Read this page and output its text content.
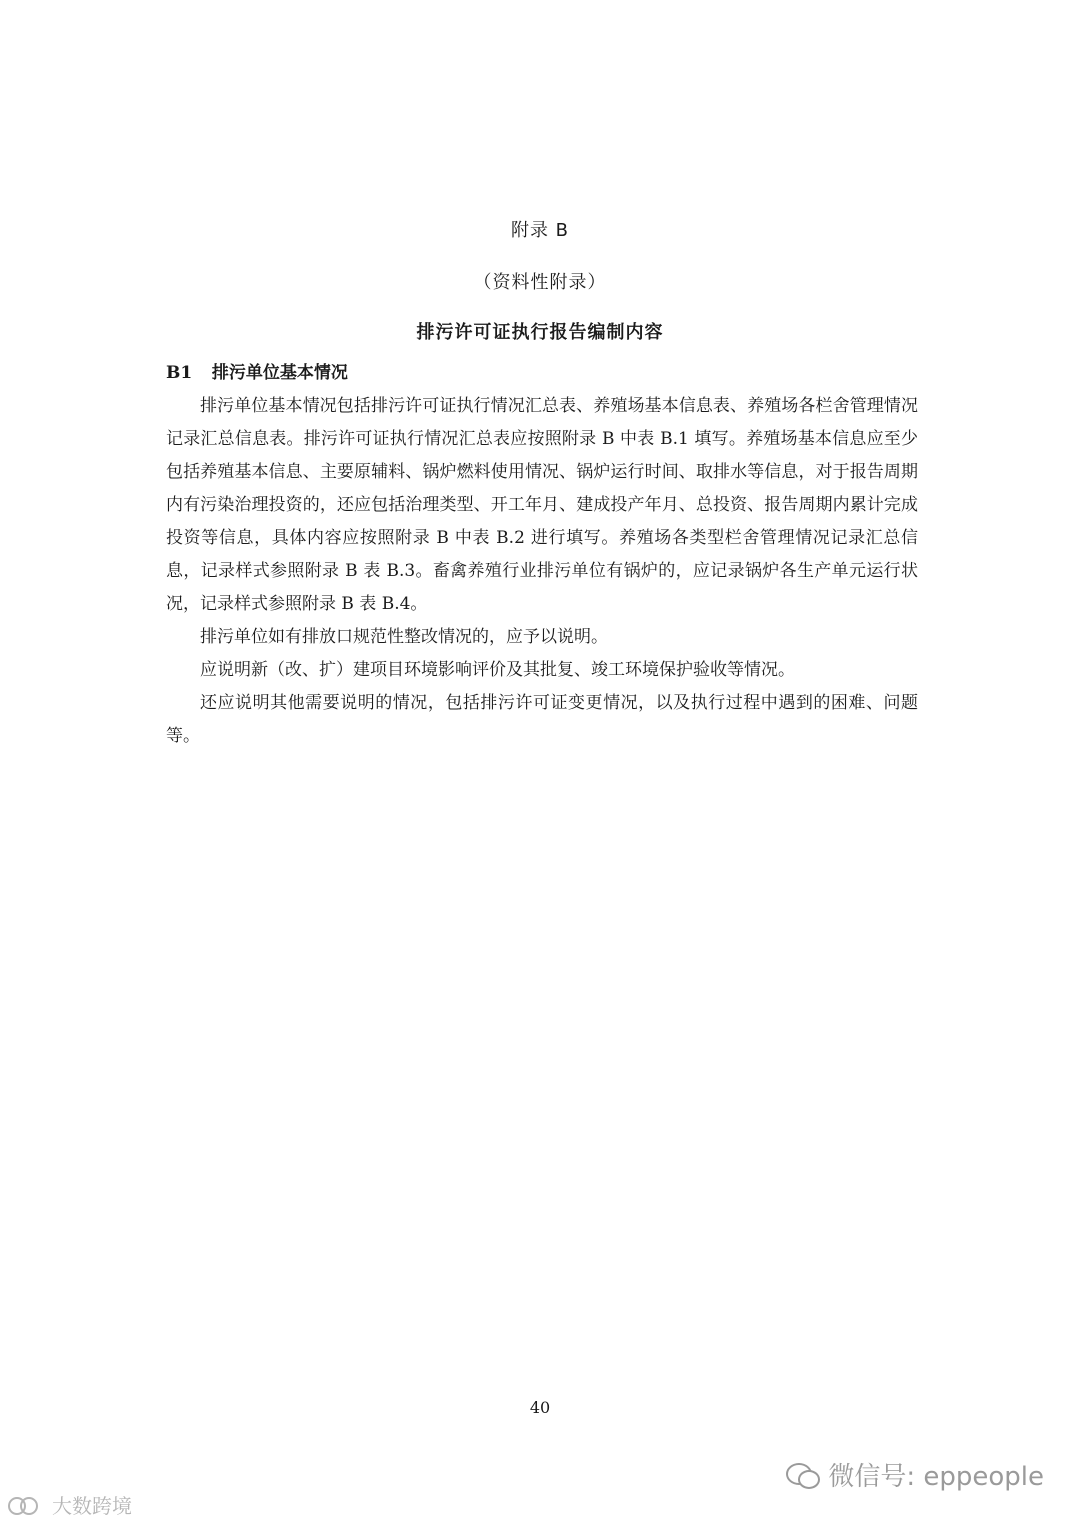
附录 B
（资料性附录）
排污许可证执行报告编制内容
B1 排污单位基本情况

排污单位基本情况包括排污许可证执行情况汇总表、养殖场基本信息表、养殖场各栏舍管理情况记录汇总信息表。排污许可证执行情况汇总表应按照附录 B 中表 B.1 填写。养殖场基本信息应至少包括养殖基本信息、主要原辅料、锅炉燃料使用情况、锅炉运行时间、取排水等信息，对于报告周期内有污染治理投资的，还应包括治理类型、开工年月、建成投产年月、总投资、报告周期内累计完成投资等信息，具体内容应按照附录 B 中表 B.2 进行填写。养殖场各类型栏舍管理情况记录汇总信息，记录样式参照附录 B 表 B.3。畜禽养殖行业排污单位有锅炉的，应记录锅炉各生产单元运行状况，记录样式参照附录 B 表 B.4。

排污单位如有排放口规范性整改情况的，应予以说明。

应说明新（改、扩）建项目环境影响评价及其批复、竣工环境保护验收等情况。

还应说明其他需要说明的情况，包括排污许可证变更情况，以及执行过程中遇到的困难、问题等。

40
微信号: eppeople
大数跨境
